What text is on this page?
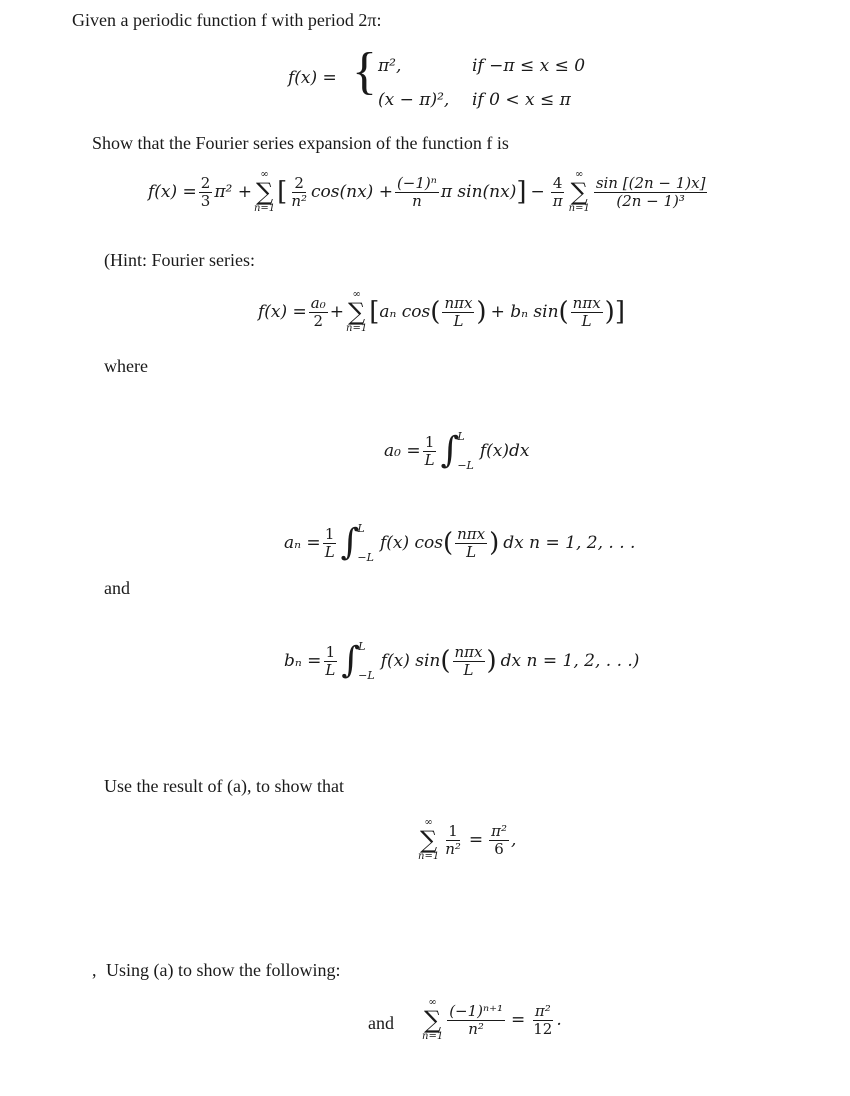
Given a periodic function f with period 2π:
f(x) = { π²,	if −π ≤ x ≤ 0
(x − π)², if 0 < x ≤ π
Show that the Fourier series expansion of the function f is
$f(x) = \frac{2}{3} \pi^2$ +
∞
∑
n=1
[ $\frac{2}{\text{n²}} \cos(nx) + \frac{\text{(−1)ⁿ}}{n}$ π sin(nx) ] − $\frac{4}{\pi}$
∞
∑
$n=1 \frac{\sin [(2n - 1)x]}{\text{(2n − 1)³}}$
(Hint: Fourier series:
$f(x) = \frac{\text{a₀}}{2}$ +
∞
∑
n=1
[ aₙ cos ( $\frac{\text{nπx}}{L}$ ) + bₙ sin ( $\frac{\text{nπx}}{L}$ ) ]
where
$a_0 = \frac{1}{L}$ ∫
L
−L
f(x)dx
$a_n = \frac{1}{L}$ ∫
L
−L
f(x) cos ( $\frac{\text{nπx}}{L}$ ) dx n = 1, 2, . . .
and
$b_n = \frac{1}{L}$ ∫
L
−L
f(x) sin ( $\frac{\text{nπx}}{L}$ ) dx n = 1, 2, . . .)
Use the result of (a), to show that
∞
∑
$n=1 \frac{1}{\text{n²}} = \frac{\text{π²}}{6}$ ,
, Using (a) to show the following:
and
∞
∑
$n=1 \frac{\text{(−1)ⁿ⁺¹}}{\text{n²}} = \frac{\text{π²}}{12}$ .
